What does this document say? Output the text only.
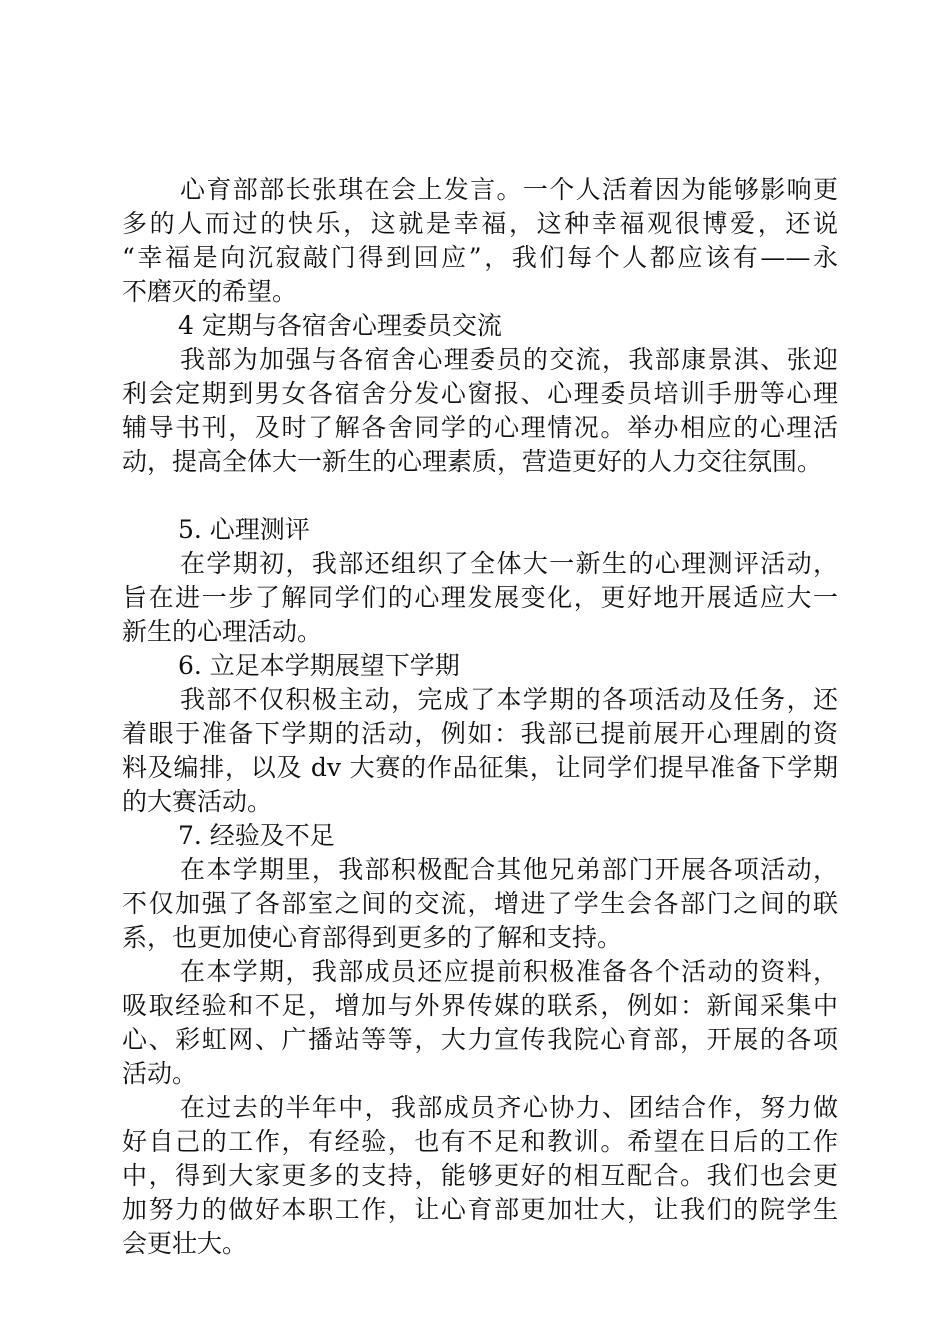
心育部部长张琪在会上发言。一个人活着因为能够影响更
多的人而过的快乐，这就是幸福，这种幸福观很博爱，还说
“幸福是向沉寂敲门得到回应”，我们每个人都应该有——永
不磨灭的希望。
4 定期与各宿舍心理委员交流
我部为加强与各宿舍心理委员的交流，我部康景淇、张迎
利会定期到男女各宿舍分发心窗报、心理委员培训手册等心理
辅导书刊，及时了解各舍同学的心理情况。举办相应的心理活
动，提高全体大一新生的心理素质，营造更好的人力交往氛围。
5. 心理测评
在学期初，我部还组织了全体大一新生的心理测评活动，
旨在进一步了解同学们的心理发展变化，更好地开展适应大一
新生的心理活动。
6. 立足本学期展望下学期
我部不仅积极主动，完成了本学期的各项活动及任务，还
着眼于准备下学期的活动，例如：我部已提前展开心理剧的资
料及编排，以及 dv 大赛的作品征集，让同学们提早准备下学期
的大赛活动。
7. 经验及不足
在本学期里，我部积极配合其他兄弟部门开展各项活动，
不仅加强了各部室之间的交流，增进了学生会各部门之间的联
系，也更加使心育部得到更多的了解和支持。
在本学期，我部成员还应提前积极准备各个活动的资料，
吸取经验和不足，增加与外界传媒的联系，例如：新闻采集中
心、彩虹网、广播站等等，大力宣传我院心育部，开展的各项
活动。
在过去的半年中，我部成员齐心协力、团结合作，努力做
好自己的工作，有经验，也有不足和教训。希望在日后的工作
中，得到大家更多的支持，能够更好的相互配合。我们也会更
加努力的做好本职工作，让心育部更加壮大，让我们的院学生
会更壮大。
